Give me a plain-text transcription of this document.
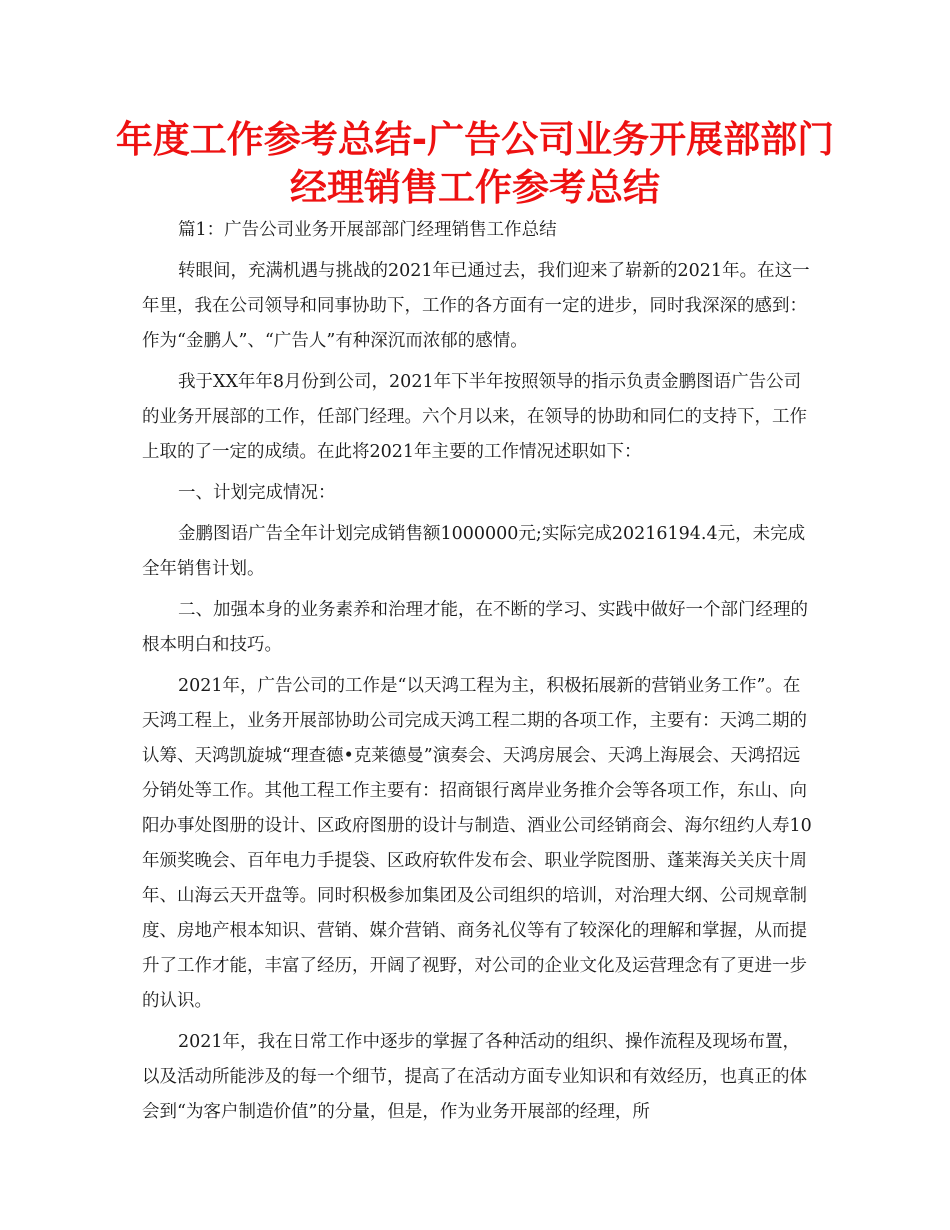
年度工作参考总结-广告公司业务开展部部门经理销售工作参考总结

篇1：广告公司业务开展部部门经理销售工作总结

转眼间，充满机遇与挑战的2021年已通过去，我们迎来了崭新的2021年。在这一年里，我在公司领导和同事协助下，工作的各方面有一定的进步，同时我深深的感到：作为“金鹏人”、“广告人”有种深沉而浓郁的感情。

我于XX年年8月份到公司，2021年下半年按照领导的指示负责金鹏图语广告公司的业务开展部的工作，任部门经理。六个月以来，在领导的协助和同仁的支持下，工作上取的了一定的成绩。在此将2021年主要的工作情况述职如下：

一、计划完成情况：

金鹏图语广告全年计划完成销售额1000000元;实际完成20216194.4元，未完成全年销售计划。

二、加强本身的业务素养和治理才能，在不断的学习、实践中做好一个部门经理的根本明白和技巧。

2021年，广告公司的工作是“以天鸿工程为主，积极拓展新的营销业务工作”。在天鸿工程上，业务开展部协助公司完成天鸿工程二期的各项工作，主要有：天鸿二期的认筹、天鸿凯旋城“理查德•克莱德曼”演奏会、天鸿房展会、天鸿上海展会、天鸿招远分销处等工作。其他工程工作主要有：招商银行离岸业务推介会等各项工作，东山、向阳办事处图册的设计、区政府图册的设计与制造、酒业公司经销商会、海尔纽约人寿10年颁奖晚会、百年电力手提袋、区政府软件发布会、职业学院图册、蓬莱海关关庆十周年、山海云天开盘等。同时积极参加集团及公司组织的培训，对治理大纲、公司规章制度、房地产根本知识、营销、媒介营销、商务礼仪等有了较深化的理解和掌握，从而提升了工作才能，丰富了经历，开阔了视野，对公司的企业文化及运营理念有了更进一步的认识。

2021年，我在日常工作中逐步的掌握了各种活动的组织、操作流程及现场布置，以及活动所能涉及的每一个细节，提高了在活动方面专业知识和有效经历，也真正的体会到“为客户制造价值”的分量，但是，作为业务开展部的经理，所
